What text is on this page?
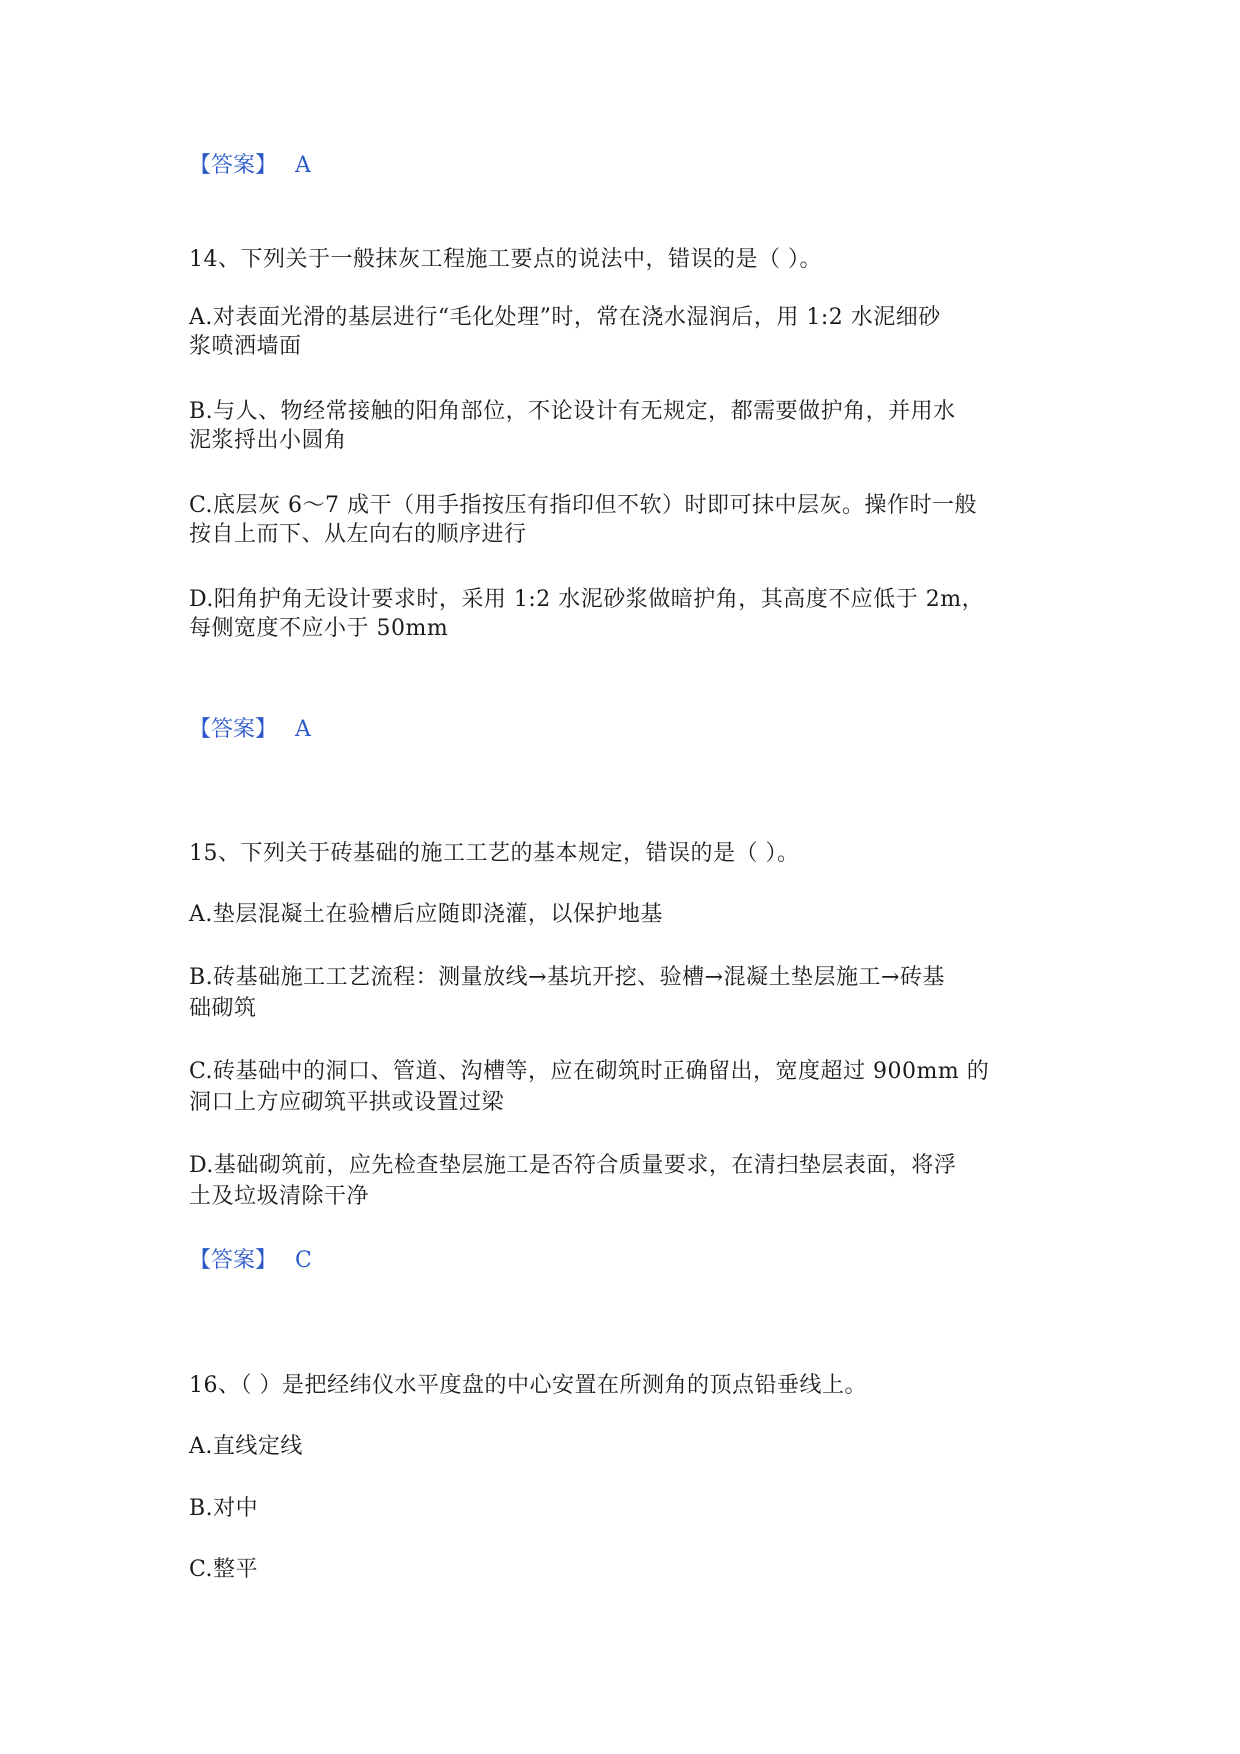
【答案】 A
14、下列关于一般抹灰工程施工要点的说法中，错误的是（ ）。
A.对表面光滑的基层进行“毛化处理”时，常在浇水湿润后，用 1:2 水泥细砂
浆喷洒墙面
B.与人、物经常接触的阳角部位，不论设计有无规定，都需要做护角，并用水
泥浆捋出小圆角
C.底层灰 6～7 成干（用手指按压有指印但不软）时即可抹中层灰。操作时一般
按自上而下、从左向右的顺序进行
D.阳角护角无设计要求时，采用 1:2 水泥砂浆做暗护角，其高度不应低于 2m，
每侧宽度不应小于 50mm
【答案】 A
15、下列关于砖基础的施工工艺的基本规定，错误的是（ ）。
A.垫层混凝土在验槽后应随即浇灌，以保护地基
B.砖基础施工工艺流程：测量放线→基坑开挖、验槽→混凝土垫层施工→砖基
础砌筑
C.砖基础中的洞口、管道、沟槽等，应在砌筑时正确留出，宽度超过 900mm 的
洞口上方应砌筑平拱或设置过梁
D.基础砌筑前，应先检查垫层施工是否符合质量要求，在清扫垫层表面，将浮
土及垃圾清除干净
【答案】 C
16、（ ）是把经纬仪水平度盘的中心安置在所测角的顶点铅垂线上。
A.直线定线
B.对中
C.整平
